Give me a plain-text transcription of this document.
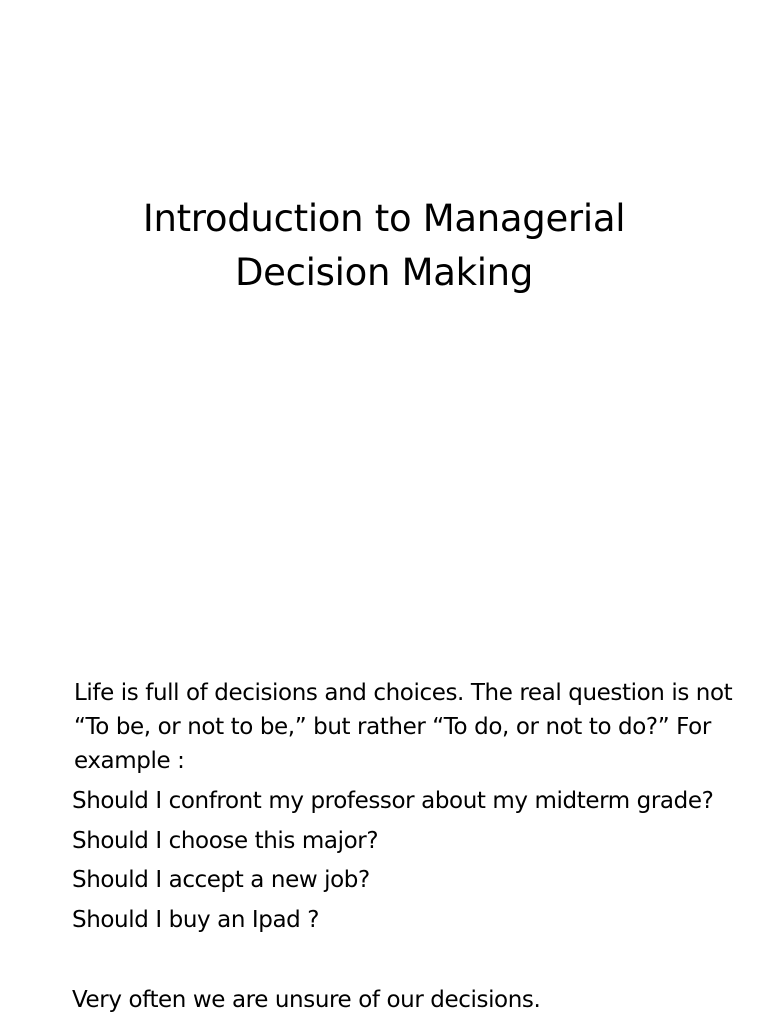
Introduction to Managerial
Decision Making

Life is full of decisions and choices. The real question is not
“To be, or not to be,” but rather “To do, or not to do?” For
example :

Should I confront my professor about my midterm grade?
Should I choose this major?
Should I accept a new job?
Should I buy an Ipad ?
Very often we are unsure of our decisions.
